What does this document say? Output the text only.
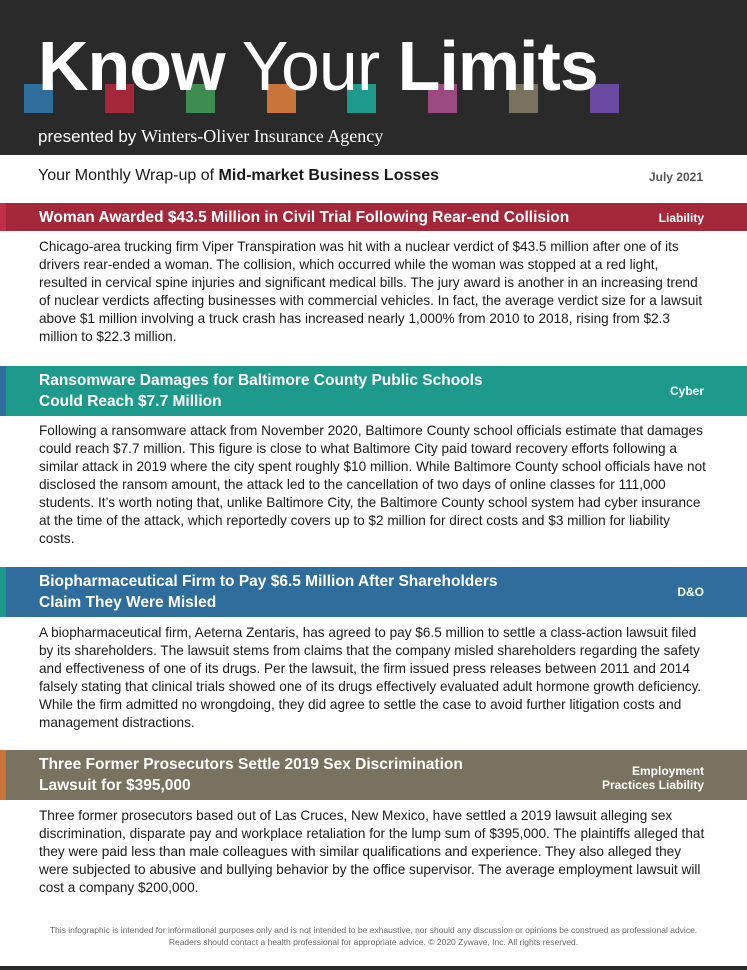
Know Your Limits
presented by Winters-Oliver Insurance Agency
Your Monthly Wrap-up of Mid-market Business Losses	July 2021
Woman Awarded $43.5 Million in Civil Trial Following Rear-end Collision	Liability
Chicago-area trucking firm Viper Transpiration was hit with a nuclear verdict of $43.5 million after one of its drivers rear-ended a woman. The collision, which occurred while the woman was stopped at a red light, resulted in cervical spine injuries and significant medical bills. The jury award is another in an increasing trend of nuclear verdicts affecting businesses with commercial vehicles. In fact, the average verdict size for a lawsuit above $1 million involving a truck crash has increased nearly 1,000% from 2010 to 2018, rising from $2.3 million to $22.3 million.
Ransomware Damages for Baltimore County Public Schools
Could Reach $7.7 Million
Cyber
Following a ransomware attack from November 2020, Baltimore County school officials estimate that damages could reach $7.7 million. This figure is close to what Baltimore City paid toward recovery efforts following a similar attack in 2019 where the city spent roughly $10 million. While Baltimore County school officials have not disclosed the ransom amount, the attack led to the cancellation of two days of online classes for 111,000 students. It’s worth noting that, unlike Baltimore City, the Baltimore County school system had cyber insurance at the time of the attack, which reportedly covers up to $2 million for direct costs and $3 million for liability costs.
Biopharmaceutical Firm to Pay $6.5 Million After Shareholders
Claim They Were Misled
D&O
A biopharmaceutical firm, Aeterna Zentaris, has agreed to pay $6.5 million to settle a class-action lawsuit filed by its shareholders. The lawsuit stems from claims that the company misled shareholders regarding the safety and effectiveness of one of its drugs. Per the lawsuit, the firm issued press releases between 2011 and 2014 falsely stating that clinical trials showed one of its drugs effectively evaluated adult hormone growth deficiency. While the firm admitted no wrongdoing, they did agree to settle the case to avoid further litigation costs and management distractions.
Three Former Prosecutors Settle 2019 Sex Discrimination
Lawsuit for $395,000
Employment
Practices Liability
Three former prosecutors based out of Las Cruces, New Mexico, have settled a 2019 lawsuit alleging sex discrimination, disparate pay and workplace retaliation for the lump sum of $395,000. The plaintiffs alleged that they were paid less than male colleagues with similar qualifications and experience. They also alleged they were subjected to abusive and bullying behavior by the office supervisor. The average employment lawsuit will cost a company $200,000.
This infographic is intended for informational purposes only and is not intended to be exhaustive, nor should any discussion or opinions be construed as professional advice. Readers should contact a health professional for appropriate advice. © 2020 Zywave, Inc. All rights reserved.
